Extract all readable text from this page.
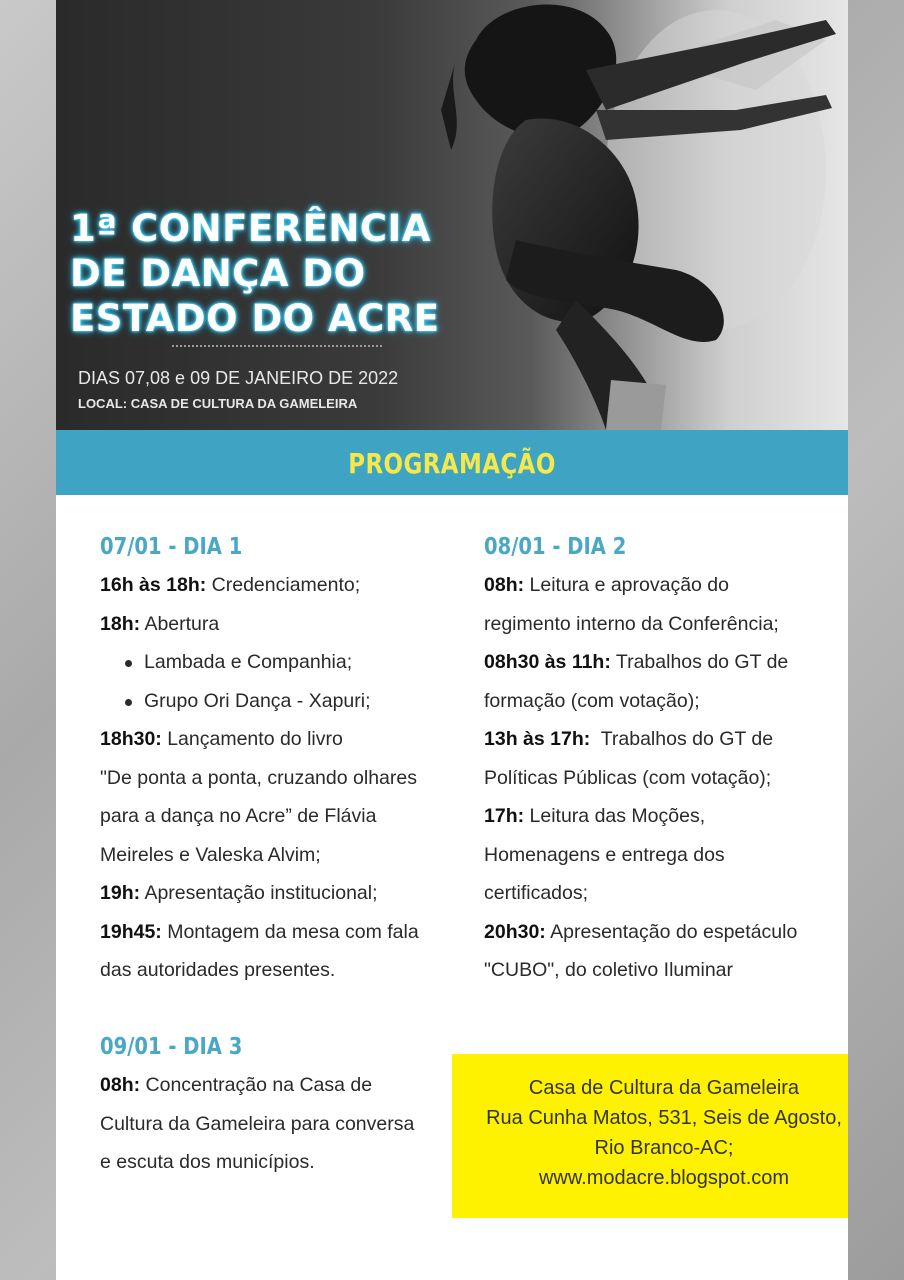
1ª CONFERÊNCIA
DE DANÇA DO
ESTADO DO ACRE
DIAS 07,08 e 09 DE JANEIRO DE 2022
LOCAL: CASA DE CULTURA DA GAMELEIRA
PROGRAMAÇÃO
07/01 - DIA 1
16h às 18h: Credenciamento;
18h: Abertura
Lambada e Companhia;
Grupo Ori Dança - Xapuri;
18h30: Lançamento do livro
"De ponta a ponta, cruzando olhares
para a dança no Acre” de Flávia
Meireles e Valeska Alvim;
19h: Apresentação institucional;
19h45: Montagem da mesa com fala
das autoridades presentes.
08/01 - DIA 2
08h: Leitura e aprovação do
regimento interno da Conferência;
08h30 às 11h: Trabalhos do GT de
formação (com votação);
13h às 17h:  Trabalhos do GT de
Políticas Públicas (com votação);
17h: Leitura das Moções,
Homenagens e entrega dos
certificados;
20h30: Apresentação do espetáculo
"CUBO", do coletivo Iluminar
09/01 - DIA 3
08h: Concentração na Casa de
Cultura da Gameleira para conversa
e escuta dos municípios.
Casa de Cultura da Gameleira
Rua Cunha Matos, 531, Seis de Agosto,
Rio Branco-AC;
www.modacre.blogspot.com
